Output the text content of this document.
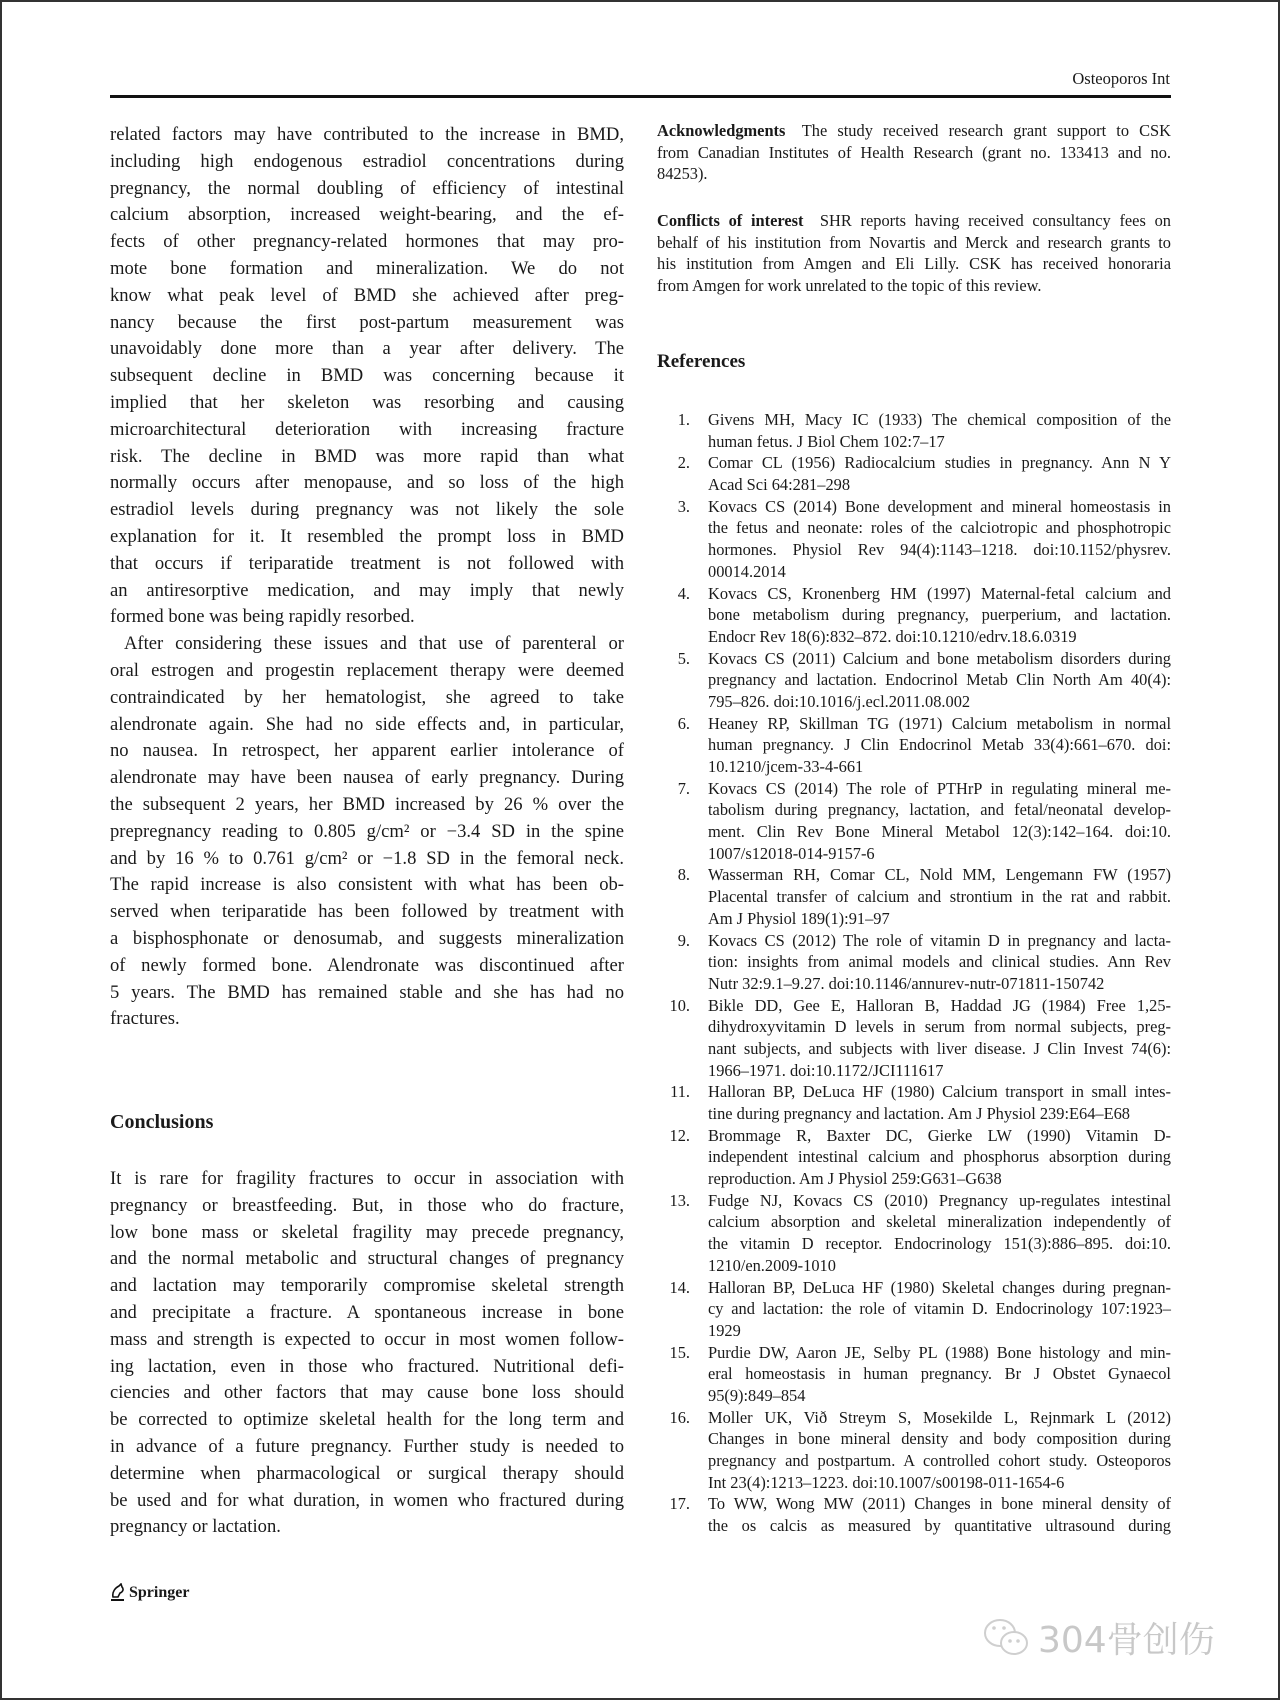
Osteoporos Int
related factors may have contributed to the increase in BMD,
including high endogenous estradiol concentrations during
pregnancy, the normal doubling of efficiency of intestinal
calcium absorption, increased weight-bearing, and the ef-
fects of other pregnancy-related hormones that may pro-
mote bone formation and mineralization. We do not
know what peak level of BMD she achieved after preg-
nancy because the first post-partum measurement was
unavoidably done more than a year after delivery. The
subsequent decline in BMD was concerning because it
implied that her skeleton was resorbing and causing
microarchitectural deterioration with increasing fracture
risk. The decline in BMD was more rapid than what
normally occurs after menopause, and so loss of the high
estradiol levels during pregnancy was not likely the sole
explanation for it. It resembled the prompt loss in BMD
that occurs if teriparatide treatment is not followed with
an antiresorptive medication, and may imply that newly
formed bone was being rapidly resorbed.
After considering these issues and that use of parenteral or
oral estrogen and progestin replacement therapy were deemed
contraindicated by her hematologist, she agreed to take
alendronate again. She had no side effects and, in particular,
no nausea. In retrospect, her apparent earlier intolerance of
alendronate may have been nausea of early pregnancy. During
the subsequent 2 years, her BMD increased by 26 % over the
prepregnancy reading to 0.805 g/cm² or −3.4 SD in the spine
and by 16 % to 0.761 g/cm² or −1.8 SD in the femoral neck.
The rapid increase is also consistent with what has been ob-
served when teriparatide has been followed by treatment with
a bisphosphonate or denosumab, and suggests mineralization
of newly formed bone. Alendronate was discontinued after
5 years. The BMD has remained stable and she has had no
fractures.
Conclusions
It is rare for fragility fractures to occur in association with
pregnancy or breastfeeding. But, in those who do fracture,
low bone mass or skeletal fragility may precede pregnancy,
and the normal metabolic and structural changes of pregnancy
and lactation may temporarily compromise skeletal strength
and precipitate a fracture. A spontaneous increase in bone
mass and strength is expected to occur in most women follow-
ing lactation, even in those who fractured. Nutritional defi-
ciencies and other factors that may cause bone loss should
be corrected to optimize skeletal health for the long term and
in advance of a future pregnancy. Further study is needed to
determine when pharmacological or surgical therapy should
be used and for what duration, in women who fractured during
pregnancy or lactation.
Acknowledgments  The study received research grant support to CSK
from Canadian Institutes of Health Research (grant no. 133413 and no.
84253).
Conflicts of interest  SHR reports having received consultancy fees on
behalf of his institution from Novartis and Merck and research grants to
his institution from Amgen and Eli Lilly. CSK has received honoraria
from Amgen for work unrelated to the topic of this review.
References
1. Givens MH, Macy IC (1933) The chemical composition of the
human fetus. J Biol Chem 102:7–17
2. Comar CL (1956) Radiocalcium studies in pregnancy. Ann N Y
Acad Sci 64:281–298
3. Kovacs CS (2014) Bone development and mineral homeostasis in
the fetus and neonate: roles of the calciotropic and phosphotropic
hormones. Physiol Rev 94(4):1143–1218. doi:10.1152/physrev.
00014.2014
4. Kovacs CS, Kronenberg HM (1997) Maternal-fetal calcium and
bone metabolism during pregnancy, puerperium, and lactation.
Endocr Rev 18(6):832–872. doi:10.1210/edrv.18.6.0319
5. Kovacs CS (2011) Calcium and bone metabolism disorders during
pregnancy and lactation. Endocrinol Metab Clin North Am 40(4):
795–826. doi:10.1016/j.ecl.2011.08.002
6. Heaney RP, Skillman TG (1971) Calcium metabolism in normal
human pregnancy. J Clin Endocrinol Metab 33(4):661–670. doi:
10.1210/jcem-33-4-661
7. Kovacs CS (2014) The role of PTHrP in regulating mineral me-
tabolism during pregnancy, lactation, and fetal/neonatal develop-
ment. Clin Rev Bone Mineral Metabol 12(3):142–164. doi:10.
1007/s12018-014-9157-6
8. Wasserman RH, Comar CL, Nold MM, Lengemann FW (1957)
Placental transfer of calcium and strontium in the rat and rabbit.
Am J Physiol 189(1):91–97
9. Kovacs CS (2012) The role of vitamin D in pregnancy and lacta-
tion: insights from animal models and clinical studies. Ann Rev
Nutr 32:9.1–9.27. doi:10.1146/annurev-nutr-071811-150742
10. Bikle DD, Gee E, Halloran B, Haddad JG (1984) Free 1,25-
dihydroxyvitamin D levels in serum from normal subjects, preg-
nant subjects, and subjects with liver disease. J Clin Invest 74(6):
1966–1971. doi:10.1172/JCI111617
11. Halloran BP, DeLuca HF (1980) Calcium transport in small intes-
tine during pregnancy and lactation. Am J Physiol 239:E64–E68
12. Brommage R, Baxter DC, Gierke LW (1990) Vitamin D-
independent intestinal calcium and phosphorus absorption during
reproduction. Am J Physiol 259:G631–G638
13. Fudge NJ, Kovacs CS (2010) Pregnancy up-regulates intestinal
calcium absorption and skeletal mineralization independently of
the vitamin D receptor. Endocrinology 151(3):886–895. doi:10.
1210/en.2009-1010
14. Halloran BP, DeLuca HF (1980) Skeletal changes during pregnan-
cy and lactation: the role of vitamin D. Endocrinology 107:1923–
1929
15. Purdie DW, Aaron JE, Selby PL (1988) Bone histology and min-
eral homeostasis in human pregnancy. Br J Obstet Gynaecol
95(9):849–854
16. Moller UK, Við Streym S, Mosekilde L, Rejnmark L (2012)
Changes in bone mineral density and body composition during
pregnancy and postpartum. A controlled cohort study. Osteoporos
Int 23(4):1213–1223. doi:10.1007/s00198-011-1654-6
17. To WW, Wong MW (2011) Changes in bone mineral density of
the os calcis as measured by quantitative ultrasound during
Springer
304骨创伤
